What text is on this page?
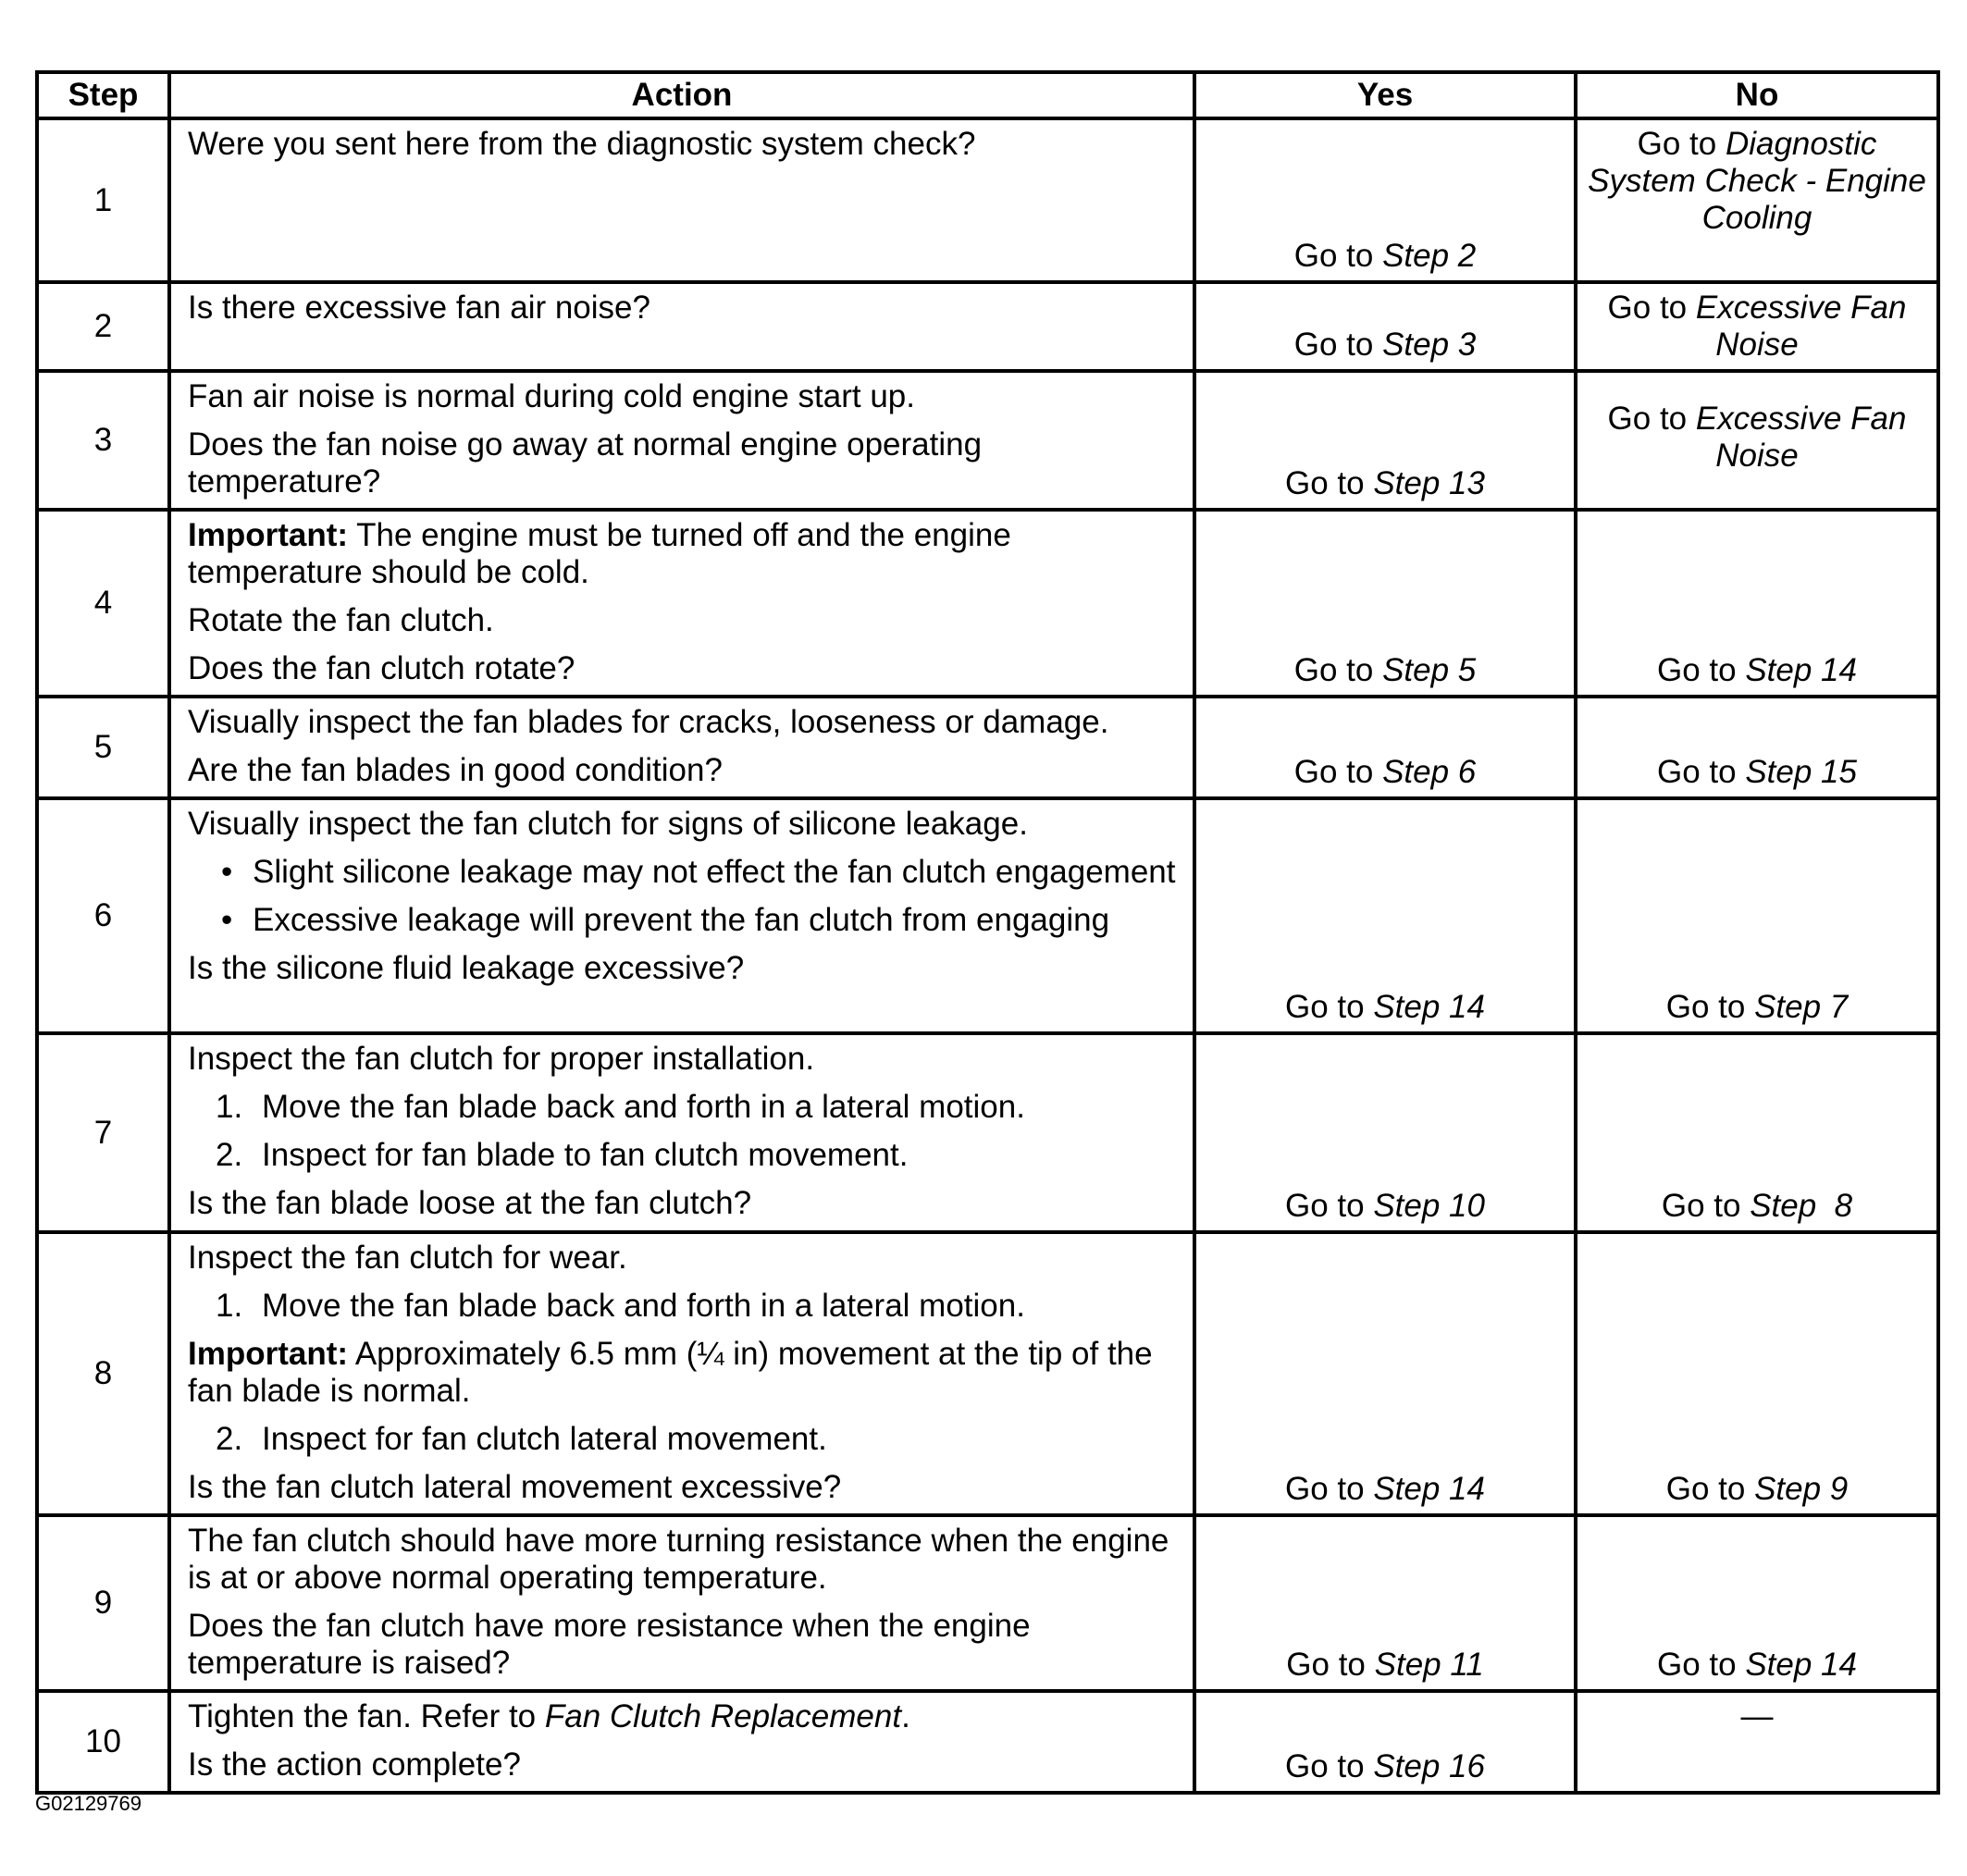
Step	Action	Yes	No
1	Were you sent here from the diagnostic system check?	Go to Step 2	Go to Diagnostic System Check - Engine Cooling
2	Is there excessive fan air noise?	Go to Step 3	Go to Excessive Fan Noise
3	Fan air noise is normal during cold engine start up.
Does the fan noise go away at normal engine operating temperature?	Go to Step 13	Go to Excessive Fan Noise
4	Important: The engine must be turned off and the engine temperature should be cold.
Rotate the fan clutch.
Does the fan clutch rotate?	Go to Step 5	Go to Step 14
5	Visually inspect the fan blades for cracks, looseness or damage.
Are the fan blades in good condition?	Go to Step 6	Go to Step 15
6	Visually inspect the fan clutch for signs of silicone leakage.
• Slight silicone leakage may not effect the fan clutch engagement
• Excessive leakage will prevent the fan clutch from engaging
Is the silicone fluid leakage excessive?	Go to Step 14	Go to Step 7
7	Inspect the fan clutch for proper installation.
1. Move the fan blade back and forth in a lateral motion.
2. Inspect for fan blade to fan clutch movement.
Is the fan blade loose at the fan clutch?	Go to Step 10	Go to Step  8
8	Inspect the fan clutch for wear.
1. Move the fan blade back and forth in a lateral motion.
Important: Approximately 6.5 mm (¼ in) movement at the tip of the fan blade is normal.
2. Inspect for fan clutch lateral movement.
Is the fan clutch lateral movement excessive?	Go to Step 14	Go to Step 9
9	The fan clutch should have more turning resistance when the engine is at or above normal operating temperature.
Does the fan clutch have more resistance when the engine temperature is raised?	Go to Step 11	Go to Step 14
10	Tighten the fan. Refer to Fan Clutch Replacement.
Is the action complete?	Go to Step 16	—
G02129769
